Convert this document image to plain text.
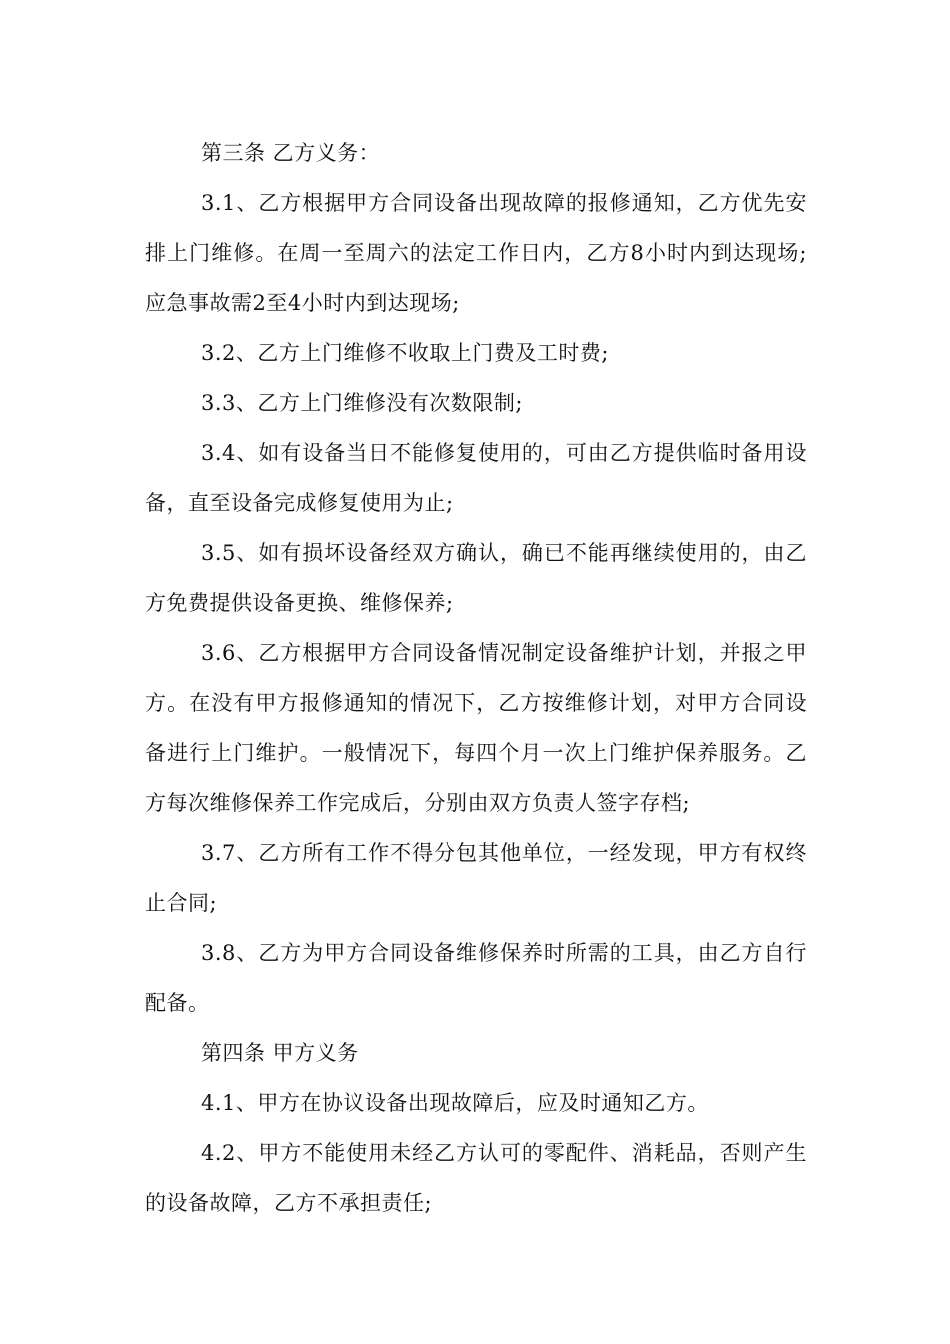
第三条 乙方义务：

3.1、乙方根据甲方合同设备出现故障的报修通知，乙方优先安排上门维修。在周一至周六的法定工作日内，乙方8小时内到达现场;应急事故需2至4小时内到达现场;

3.2、乙方上门维修不收取上门费及工时费;

3.3、乙方上门维修没有次数限制;

3.4、如有设备当日不能修复使用的，可由乙方提供临时备用设备，直至设备完成修复使用为止;

3.5、如有损坏设备经双方确认，确已不能再继续使用的，由乙方免费提供设备更换、维修保养;

3.6、乙方根据甲方合同设备情况制定设备维护计划，并报之甲方。在没有甲方报修通知的情况下，乙方按维修计划，对甲方合同设备进行上门维护。一般情况下，每四个月一次上门维护保养服务。乙方每次维修保养工作完成后，分别由双方负责人签字存档;

3.7、乙方所有工作不得分包其他单位，一经发现，甲方有权终止合同;

3.8、乙方为甲方合同设备维修保养时所需的工具，由乙方自行配备。

第四条 甲方义务

4.1、甲方在协议设备出现故障后，应及时通知乙方。

4.2、甲方不能使用未经乙方认可的零配件、消耗品，否则产生的设备故障，乙方不承担责任;
